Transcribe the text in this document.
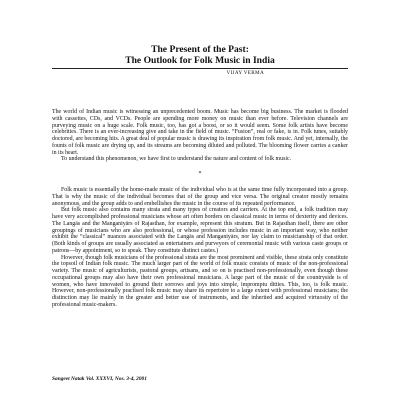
The Present of the Past:
The Outlook for Folk Music in India
VIJAY VERMA

The world of Indian music is witnessing an unprecedented boom. Music has become big business. The market is flooded with cassettes, CDs, and VCDs. People are spending more money on music than ever before. Television channels are purveying music on a huge scale. Folk music, too, has got a boost, or so it would seem. Some folk artists have become celebrities. There is an ever-increasing give and take in the field of music. “Fusion”, real or fake, is in. Folk tunes, suitably doctored, are becoming hits. A great deal of popular music is drawing its inspiration from folk music. And yet, internally, the founts of folk music are drying up, and its streams are becoming diluted and polluted. The blooming flower carries a canker in its heart.

To understand this phenomenon, we have first to understand the nature and content of folk music.

*

Folk music is essentially the home-made music of the individual who is at the same time fully incorporated into a group. That is why the music of the individual becomes that of the group and vice versa. The original creator mostly remains anonymous, and the group adds to and embellishes the music in the course of its repeated performance.

But folk music also contains many strata and many types of creators and carriers. At the top end, a folk tradition may have very accomplished professional musicians whose art often borders on classical music in terms of dexterity and devices. The Langās and the Manganiyārs of Rajasthan, for example, represent this stratum. But in Rajasthan itself, there are other groupings of musicians who are also professional, or whose profession includes music in an important way, who neither exhibit the “classical” nuances associated with the Langās and Manganiyārs, nor lay claim to musicianship of that order. (Both kinds of groups are usually associated as entertainers and purveyors of ceremonial music with various caste groups or patrons—by appointment, so to speak. They constitute distinct castes.)

However, though folk musicians of the professional strata are the most prominent and visible, these strata only constitute the topsoil of Indian folk music. The much larger part of the world of folk music consists of music of the non-professional variety. The music of agriculturists, pastoral groups, artisans, and so on is practised non-professionally, even though these occupational groups may also have their own professional musicians. A large part of the music of the countryside is of women, who have innovated to ground their sorrows and joys into simple, impromptu ditties. This, too, is folk music. However, non-professionally practised folk music may share its repertoire to a large extent with professional musicians; the distinction may lie mainly in the greater and better use of instruments, and the inherited and acquired virtuosity of the professional music-makers.

Sangeet Natak Vol. XXXVI, Nos. 3-4, 2001
